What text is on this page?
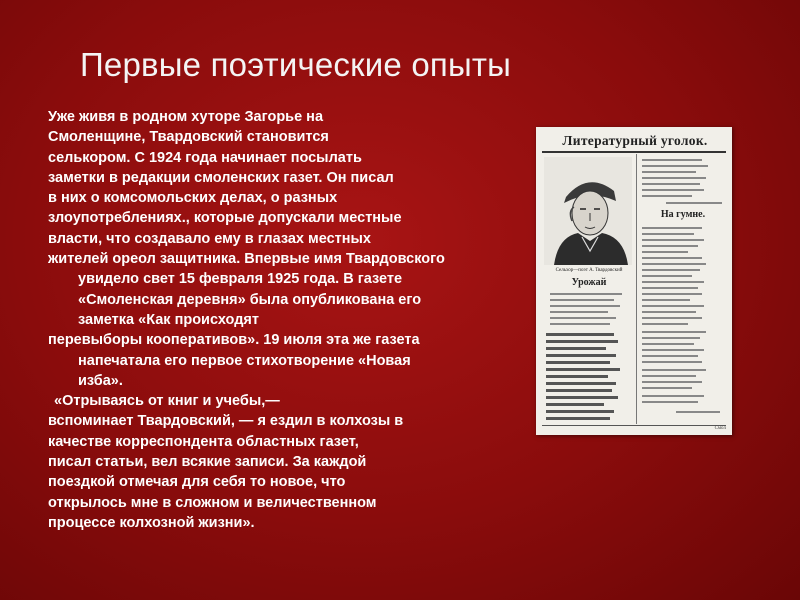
Первые поэтические опыты
Уже живя в родном хуторе Загорье на
Смоленщине, Твардовский становится
селькором. С 1924 года начинает посылать
заметки в редакции смоленских газет. Он писал
в них о комсомольских делах, о разных
злоупотреблениях., которые допускали местные
власти, что создавало ему в глазах местных
жителей ореол защитника. Впервые имя Твардовского
увидело свет 15 февраля 1925 года. В газете
«Смоленская деревня» была опубликована его
заметка «Как происходят
перевыборы кооперативов». 19 июля эта же газета
напечатала его первое стихотворение «Новая
изба».
«Отрываясь от книг и учебы,—
вспоминает Твардовский, — я ездил в колхозы в
качестве корреспондента областных газет,
писал статьи, вел всякие записи. За каждой
поездкой отмечая для себя то новое, что
открылось мне в сложном и величественном
процессе колхозной жизни».
Литературный уголок.
Сельхор—поэт А. Твардовский
Урожай
На гумне.
Смол
